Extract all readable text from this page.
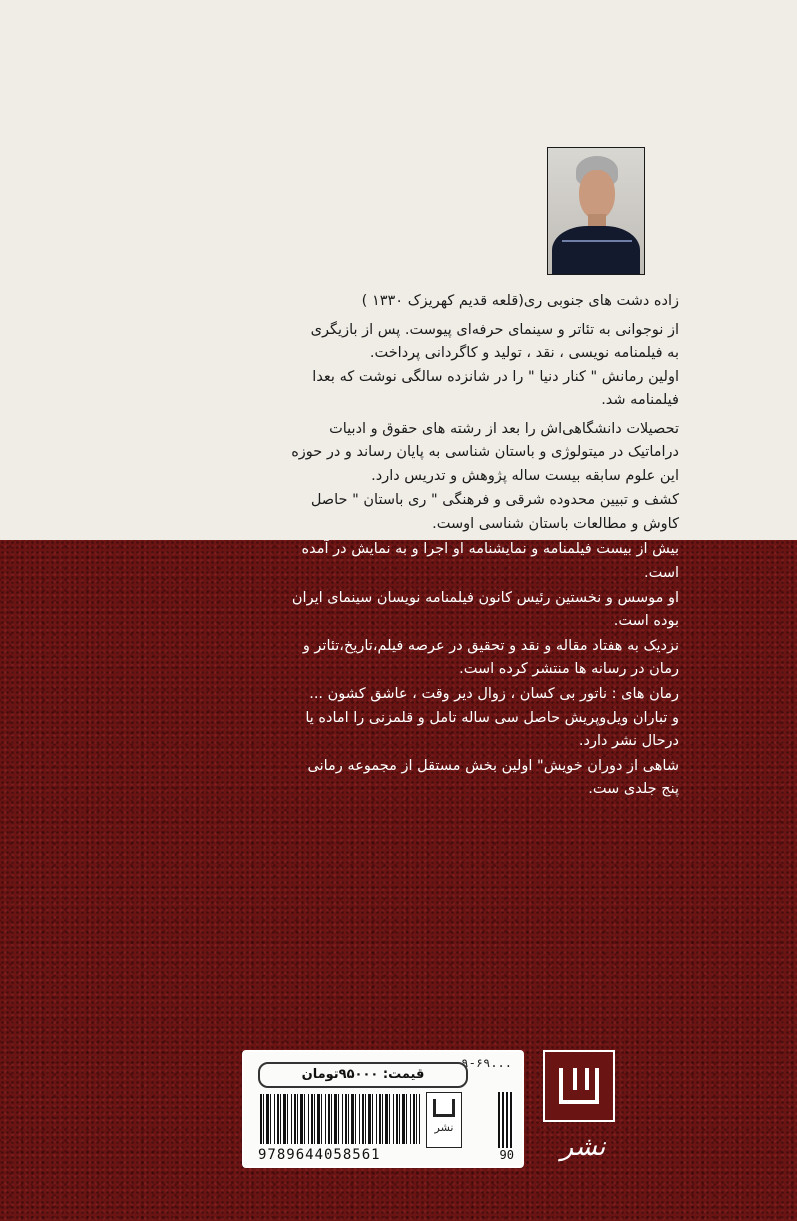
زاده دشت های جنوبی ری(قلعه قدیم کهریزک ۱۳۳۰ )
از نوجوانی به تئاتر و سینمای حرفه‌ای پیوست. پس از بازیگری
به فیلمنامه نویسی ، نقد ، تولید و کاگردانی پرداخت.
اولین رمانش " کنار دنیا " را در شانزده سالگی نوشت که بعدا
فیلمنامه شد.
تحصیلات دانشگاهی‌اش را بعد از رشته های حقوق و ادبیات
دراماتیک در میتولوژی و باستان شناسی به پایان رساند و در حوزه
این علوم سابقه بیست ساله پژوهش و تدریس دارد.
کشف و تبیین محدوده شرقی و فرهنگی " ری باستان " حاصل
کاوش و مطالعات باستان شناسی اوست.
بیش از بیست فیلمنامه و نمایشنامه او اجرا و به نمایش در آمده
است.
او موسس و نخستین رئیس کانون فیلمنامه نویسان سینمای ایران
بوده است.
نزدیک به هفتاد مقاله و نقد و تحقیق در عرصه فیلم،تاریخ،تئاتر و
رمان در رسانه ها منتشر کرده است.
رمان های : ناتور بی کسان ، زوال دیر وقت ، عاشق کشون ...
و تباران ویل‌وپریش حاصل سی ساله تامل و قلمزنی را اماده یا
درحال نشر دارد.
شاهی از دوران خویش" اولین بخش مستقل از مجموعه رمانی
پنج جلدی ست.
۹-۶۹...
قیمت: ۹۵۰۰۰تومان
نشر
9789644058561	90	نشر
